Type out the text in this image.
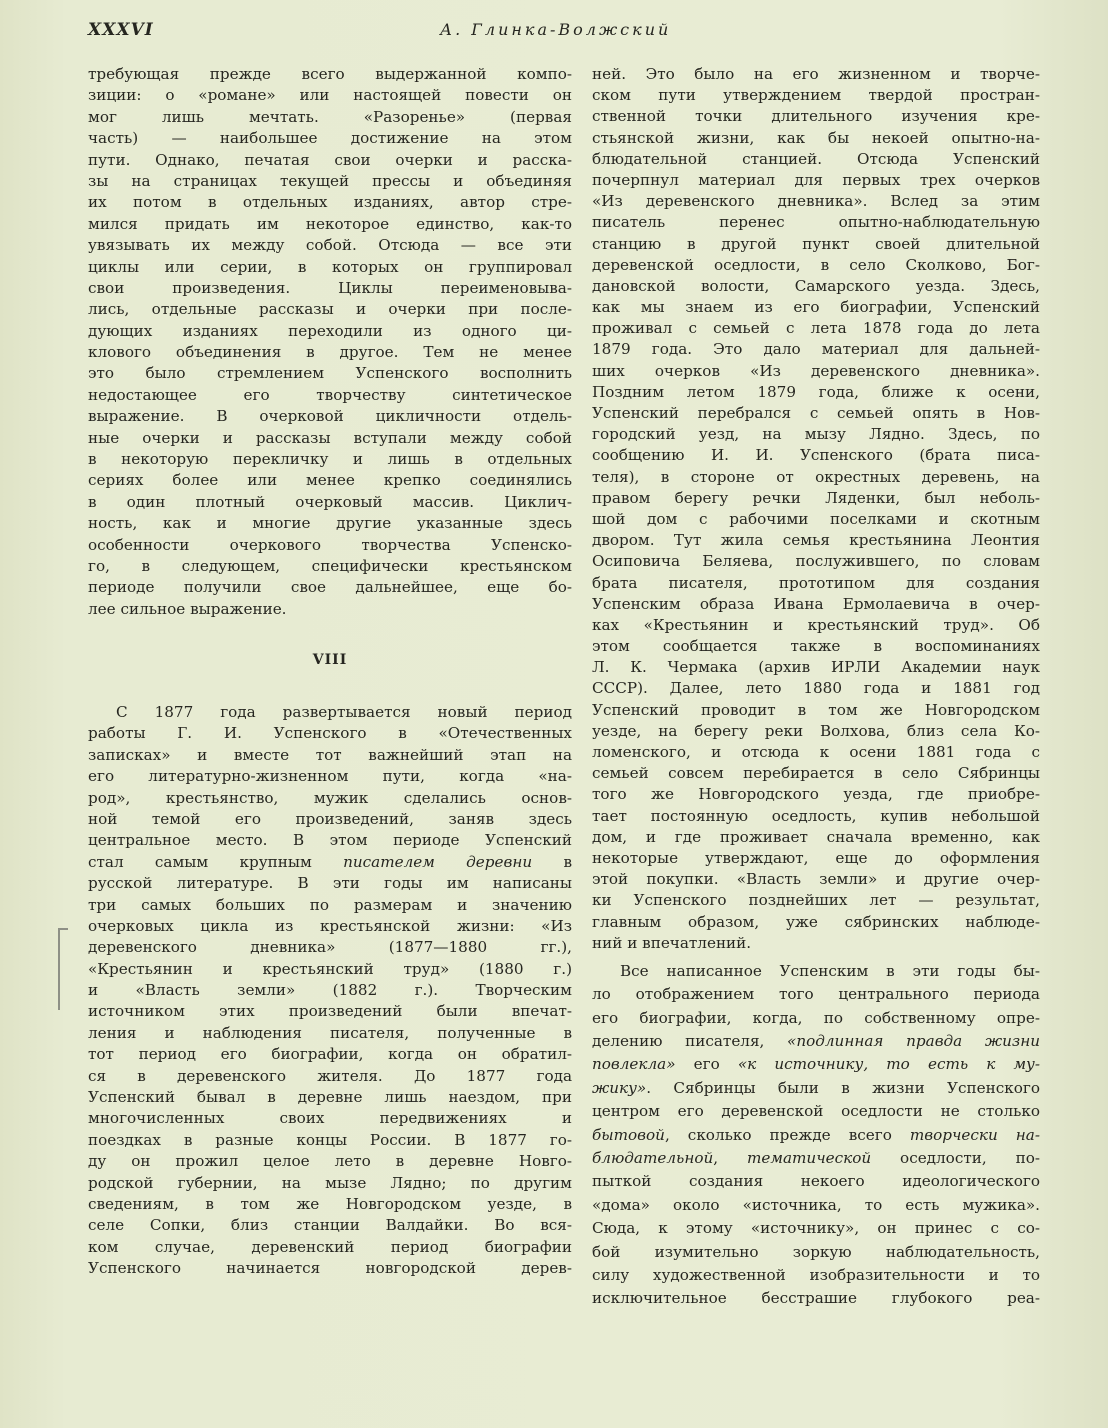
XXXVI	А. Глинка-Волжский
требующая прежде всего выдержанной компо-
зиции: о «романе» или настоящей повести он
мог лишь мечтать. «Разоренье» (первая
часть) — наибольшее достижение на этом
пути. Однако, печатая свои очерки и расска-
зы на страницах текущей прессы и объединяя
их потом в отдельных изданиях, автор стре-
мился придать им некоторое единство, как-то
увязывать их между собой. Отсюда — все эти
циклы или серии, в которых он группировал
свои произведения. Циклы переименовыва-
лись, отдельные рассказы и очерки при после-
дующих изданиях переходили из одного ци-
клового объединения в другое. Тем не менее
это было стремлением Успенского восполнить
недостающее его творчеству синтетическое
выражение. В очерковой цикличности отдель-
ные очерки и рассказы вступали между собой
в некоторую перекличку и лишь в отдельных
сериях более или менее крепко соединялись
в один плотный очерковый массив. Циклич-
ность, как и многие другие указанные здесь
особенности очеркового творчества Успенско-
го, в следующем, специфически крестьянском
периоде получили свое дальнейшее, еще бо-
лее сильное выражение.
VIII
С 1877 года развертывается новый период
работы Г. И. Успенского в «Отечественных
записках» и вместе тот важнейший этап на
его литературно-жизненном пути, когда «на-
род», крестьянство, мужик сделались основ-
ной темой его произведений, заняв здесь
центральное место. В этом периоде Успенский
стал самым крупным писателем деревни в
русской литературе. В эти годы им написаны
три самых больших по размерам и значению
очерковых цикла из крестьянской жизни: «Из
деревенского дневника» (1877—1880 гг.),
«Крестьянин и крестьянский труд» (1880 г.)
и «Власть земли» (1882 г.). Творческим
источником этих произведений были впечат-
ления и наблюдения писателя, полученные в
тот период его биографии, когда он обратил-
ся в деревенского жителя. До 1877 года
Успенский бывал в деревне лишь наездом, при
многочисленных своих передвижениях и
поездках в разные концы России. В 1877 го-
ду он прожил целое лето в деревне Новго-
родской губернии, на мызе Лядно; по другим
сведениям, в том же Новгородском уезде, в
селе Сопки, близ станции Валдайки. Во вся-
ком случае, деревенский период биографии
Успенского начинается новгородской дерев-
ней. Это было на его жизненном и творче-
ском пути утверждением твердой простран-
ственной точки длительного изучения кре-
стьянской жизни, как бы некоей опытно-на-
блюдательной станцией. Отсюда Успенский
почерпнул материал для первых трех очерков
«Из деревенского дневника». Вслед за этим
писатель перенес опытно-наблюдательную
станцию в другой пункт своей длительной
деревенской оседлости, в село Сколково, Бог-
дановской волости, Самарского уезда. Здесь,
как мы знаем из его биографии, Успенский
проживал с семьей с лета 1878 года до лета
1879 года. Это дало материал для дальней-
ших очерков «Из деревенского дневника».
Поздним летом 1879 года, ближе к осени,
Успенский перебрался с семьей опять в Нов-
городский уезд, на мызу Лядно. Здесь, по
сообщению И. И. Успенского (брата писа-
теля), в стороне от окрестных деревень, на
правом берегу речки Ляденки, был неболь-
шой дом с рабочими поселками и скотным
двором. Тут жила семья крестьянина Леонтия
Осиповича Беляева, послужившего, по словам
брата писателя, прототипом для создания
Успенским образа Ивана Ермолаевича в очер-
ках «Крестьянин и крестьянский труд». Об
этом сообщается также в воспоминаниях
Л. К. Чермака (архив ИРЛИ Академии наук
СССР). Далее, лето 1880 года и 1881 год
Успенский проводит в том же Новгородском
уезде, на берегу реки Волхова, близ села Ко-
ломенского, и отсюда к осени 1881 года с
семьей совсем перебирается в село Сябринцы
того же Новгородского уезда, где приобре-
тает постоянную оседлость, купив небольшой
дом, и где проживает сначала временно, как
некоторые утверждают, еще до оформления
этой покупки. «Власть земли» и другие очер-
ки Успенского позднейших лет — результат,
главным образом, уже сябринских наблюде-
ний и впечатлений.
Все написанное Успенским в эти годы бы-
ло отображением того центрального периода
его биографии, когда, по собственному опре-
делению писателя, «подлинная правда жизни
повлекла» его «к источнику, то есть к му-
жику». Сябринцы были в жизни Успенского
центром его деревенской оседлости не столько
бытовой, сколько прежде всего творчески на-
блюдательной, тематической оседлости, по-
пыткой создания некоего идеологического
«дома» около «источника, то есть мужика».
Сюда, к этому «источнику», он принес с со-
бой изумительно зоркую наблюдательность,
силу художественной изобразительности и то
исключительное бесстрашие глубокого реа-
